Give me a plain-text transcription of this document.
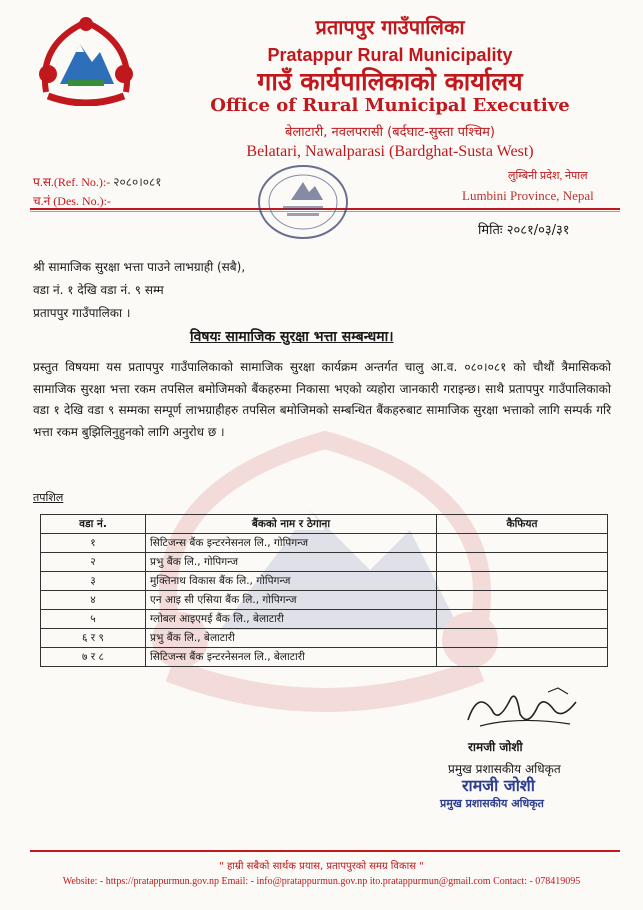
प्रतापपुर गाउँपालिका
Pratappur Rural Municipality
गाउँ कार्यपालिकाको कार्यालय
Office of Rural Municipal Executive
बेलाटारी, नवलपरासी (बर्दघाट-सुस्ता पश्चिम)
Belatari, Nawalparasi (Bardghat-Susta West)
प.स.(Ref. No.):- २०८०।०८१
च.नं (Des. No.):-
लुम्बिनी प्रदेश, नेपाल
Lumbini Province, Nepal
मितिः २०८१/०३/३१
श्री सामाजिक सुरक्षा भत्ता पाउने लाभग्राही (सबै),
वडा नं. १ देखि वडा नं. ९ सम्म
प्रतापपुर गाउँपालिका ।
विषयः सामाजिक सुरक्षा भत्ता सम्बन्धमा।
प्रस्तुत विषयमा यस प्रतापपुर गाउँपालिकाको सामाजिक सुरक्षा कार्यक्रम अन्तर्गत चालु आ.व. ०८०।०८१ को चौथौं त्रैमासिकको सामाजिक सुरक्षा भत्ता रकम तपसिल बमोजिमको बैंकहरुमा निकासा भएको व्यहोरा जानकारी गराइन्छ। साथै प्रतापपुर गाउँपालिकाको वडा १ देखि वडा ९ सम्मका सम्पूर्ण लाभग्राहीहरु तपसिल बमोजिमको सम्बन्धित बैंकहरुबाट सामाजिक सुरक्षा भत्ताको लागि सम्पर्क गरि भत्ता रकम बुझिलिनुहुनको लागि अनुरोध छ ।
तपशिल
वडा नं.	बैंकको नाम र ठेगाना	कैफियत
१	सिटिजन्स बैंक इन्टरनेसनल लि., गोपिगन्ज	
२	प्रभु बैंक लि., गोपिगन्ज	
३	मुक्तिनाथ विकास बैंक लि., गोपिगन्ज	
४	एन आइ सी एसिया बैंक लि., गोपिगन्ज	
५	ग्लोबल आइएमई बैंक लि., बेलाटारी	
६ र ९	प्रभु बैंक लि., बेलाटारी	
७ र ८	सिटिजन्स बैंक इन्टरनेसनल लि., बेलाटारी	
रामजी जोशी
प्रमुख प्रशासकीय अधिकृत
रामजी जोशी
प्रमुख प्रशासकीय अधिकृत
" हाम्री सबैको सार्थक प्रयास, प्रतापपुरको समग्र विकास "
Website: - https://pratappurmun.gov.np Email: - info@pratappurmun.gov.np ito.pratappurmun@gmail.com Contact: - 078419095
